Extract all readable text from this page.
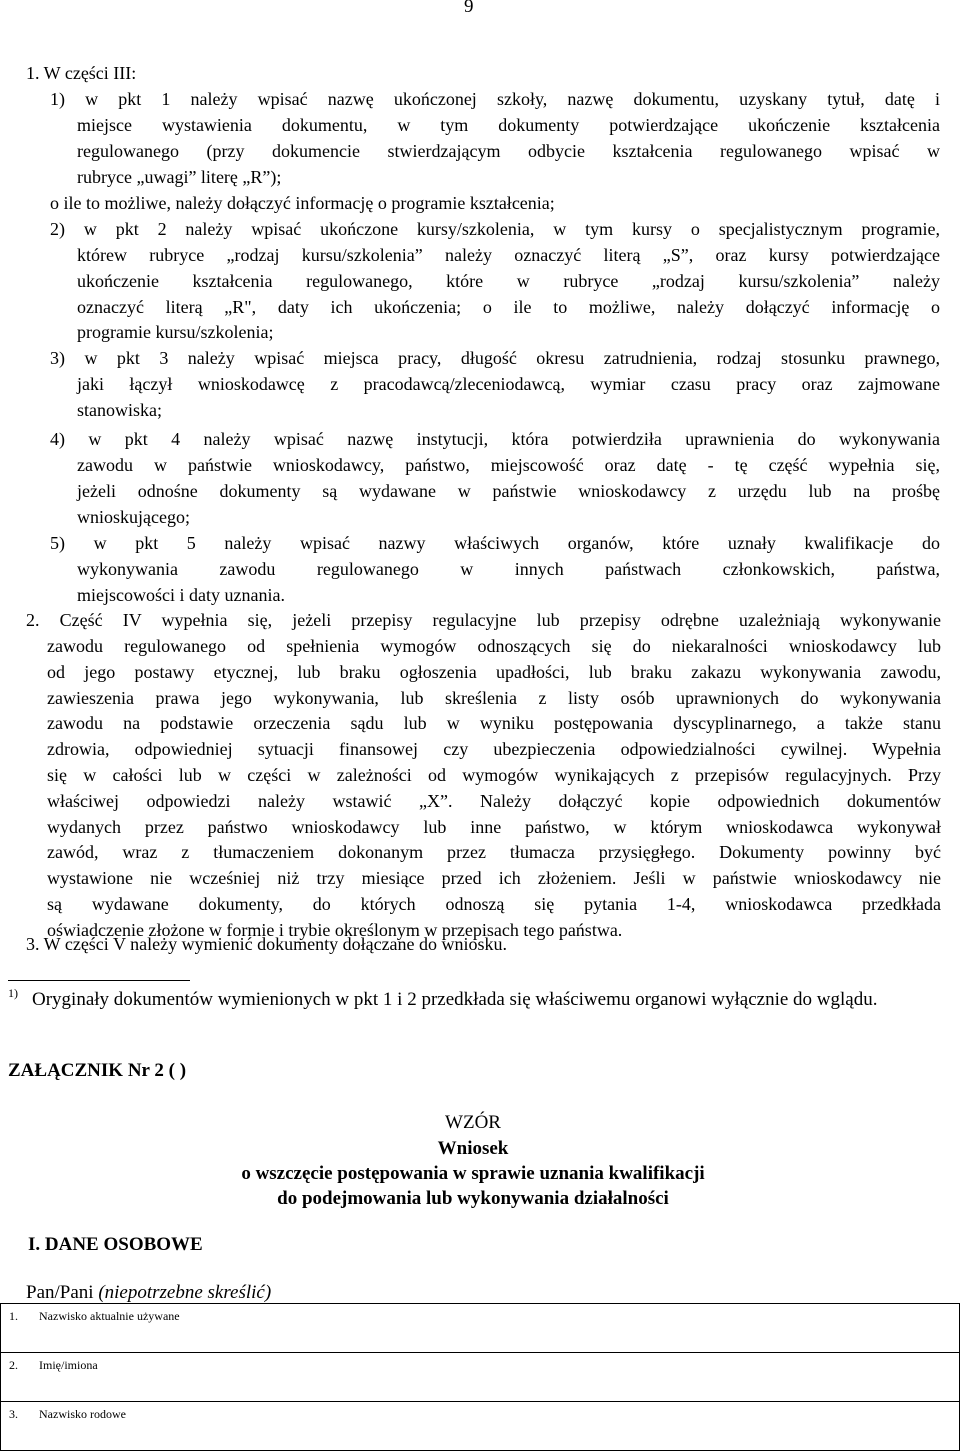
9
1. W części III:
1) w pkt 1 należy wpisać nazwę ukończonej szkoły, nazwę dokumentu, uzyskany tytuł, datę i
miejsce wystawienia dokumentu, w tym dokumenty potwierdzające ukończenie kształcenia
regulowanego (przy dokumencie stwierdzającym odbycie kształcenia regulowanego wpisać w
rubryce „uwagi” literę „R”);
o ile to możliwe, należy dołączyć informację o programie kształcenia;
2) w pkt 2 należy wpisać ukończone kursy/szkolenia, w tym kursy o specjalistycznym programie,
którew rubryce „rodzaj kursu/szkolenia” należy oznaczyć literą „S”, oraz kursy potwierdzające
ukończenie kształcenia regulowanego, które w rubryce „rodzaj kursu/szkolenia” należy
oznaczyć literą „R", daty ich ukończenia; o ile to możliwe, należy dołączyć informację o
programie kursu/szkolenia;
3) w pkt 3 należy wpisać miejsca pracy, długość okresu zatrudnienia, rodzaj stosunku prawnego,
jaki łączył wnioskodawcę z pracodawcą/zleceniodawcą, wymiar czasu pracy oraz zajmowane
stanowiska;
4) w pkt 4 należy wpisać nazwę instytucji, która potwierdziła uprawnienia do wykonywania
zawodu w państwie wnioskodawcy, państwo, miejscowość oraz datę - tę część wypełnia się,
jeżeli odnośne dokumenty są wydawane w państwie wnioskodawcy z urzędu lub na prośbę
wnioskującego;
5) w pkt 5 należy wpisać nazwy właściwych organów, które uznały kwalifikacje do
wykonywania zawodu regulowanego w innych państwach członkowskich, państwa,
miejscowości i daty uznania.
2. Część IV wypełnia się, jeżeli przepisy regulacyjne lub przepisy odrębne uzależniają wykonywanie
zawodu regulowanego od spełnienia wymogów odnoszących się do niekaralności wnioskodawcy lub
od jego postawy etycznej, lub braku ogłoszenia upadłości, lub braku zakazu wykonywania zawodu,
zawieszenia prawa jego wykonywania, lub skreślenia z listy osób uprawnionych do wykonywania
zawodu na podstawie orzeczenia sądu lub w wyniku postępowania dyscyplinarnego, a także stanu
zdrowia, odpowiedniej sytuacji finansowej czy ubezpieczenia odpowiedzialności cywilnej. Wypełnia
się w całości lub w części w zależności od wymogów wynikających z przepisów regulacyjnych. Przy
właściwej odpowiedzi należy wstawić „X”. Należy dołączyć kopie odpowiednich dokumentów
wydanych przez państwo wnioskodawcy lub inne państwo, w którym wnioskodawca wykonywał
zawód, wraz z tłumaczeniem dokonanym przez tłumacza przysięgłego. Dokumenty powinny być
wystawione nie wcześniej niż trzy miesiące przed ich złożeniem. Jeśli w państwie wnioskodawcy nie
są wydawane dokumenty, do których odnoszą się pytania 1-4, wnioskodawca przedkłada
oświadczenie złożone w formie i trybie określonym w przepisach tego państwa.
3. W części V należy wymienić dokumenty dołączane do wniosku.
1) Oryginały dokumentów wymienionych w pkt 1 i 2 przedkłada się właściwemu organowi wyłącznie do wglądu.
ZAŁĄCZNIK Nr 2 ( )
WZÓR
Wniosek
o wszczęcie postępowania w sprawie uznania kwalifikacji
do podejmowania lub wykonywania działalności
I. DANE OSOBOWE
Pan/Pani (niepotrzebne skreślić)
1. Nazwisko aktualnie używane
2. Imię/imiona
3. Nazwisko rodowe
